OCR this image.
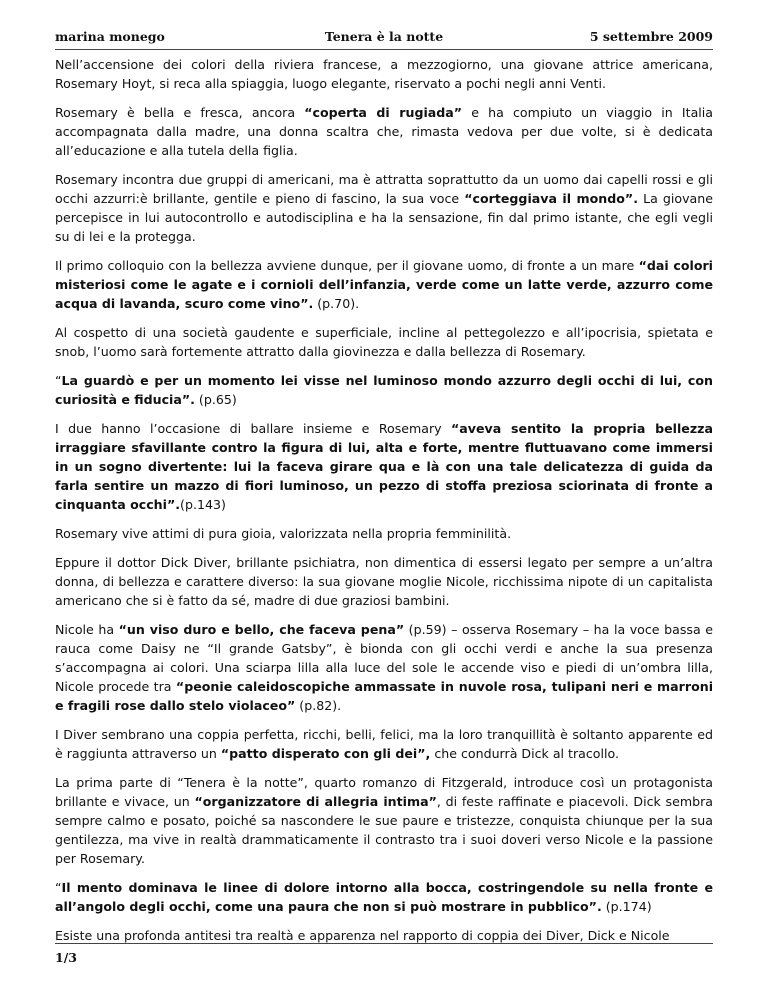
marina monego	Tenera è la notte	5 settembre 2009

Nell’accensione dei colori della riviera francese, a mezzogiorno, una giovane attrice americana, Rosemary Hoyt, si reca alla spiaggia, luogo elegante, riservato a pochi negli anni Venti.

Rosemary è bella e fresca, ancora “coperta di rugiada” e ha compiuto un viaggio in Italia accompagnata dalla madre, una donna scaltra che, rimasta vedova per due volte, si è dedicata all’educazione e alla tutela della figlia.

Rosemary incontra due gruppi di americani, ma è attratta soprattutto da un uomo dai capelli rossi e gli occhi azzurri:è brillante, gentile e pieno di fascino, la sua voce “corteggiava il mondo”. La giovane percepisce in lui autocontrollo e autodisciplina e ha la sensazione, fin dal primo istante, che egli vegli su di lei e la protegga.

Il primo colloquio con la bellezza avviene dunque, per il giovane uomo, di fronte a un mare “dai colori misteriosi come le agate e i corniolі dell’infanzia, verde come un latte verde, azzurro come acqua di lavanda, scuro come vino”. (p.70).

Al cospetto di una società gaudente e superficiale, incline al pettegolezzo e all’ipocrisia, spietata e snob, l’uomo sarà fortemente attratto dalla giovinezza e dalla bellezza di Rosemary.

“La guardò e per un momento lei visse nel luminoso mondo azzurro degli occhi di lui, con curiosità e fiducia”. (p.65)

I due hanno l’occasione di ballare insieme e Rosemary “aveva sentito la propria bellezza irraggiare sfavillante contro la figura di lui, alta e forte, mentre fluttuavano come immersi in un sogno divertente: lui la faceva girare qua e là con una tale delicatezza di guida da farla sentire un mazzo di fiori luminoso, un pezzo di stoffa preziosa sciorinata di fronte a cinquanta occhi”.(p.143)

Rosemary vive attimi di pura gioia, valorizzata nella propria femminilità.

Eppure il dottor Dick Diver, brillante psichiatra, non dimentica di essersi legato per sempre a un’altra donna, di bellezza e carattere diverso: la sua giovane moglie Nicole, ricchissima nipote di un capitalista americano che si è fatto da sé, madre di due graziosi bambini.

Nicole ha “un viso duro e bello, che faceva pena” (p.59) – osserva Rosemary – ha la voce bassa e rauca come Daisy ne “Il grande Gatsby”, è bionda con gli occhi verdi e anche la sua presenza s’accompagna ai colori. Una sciarpa lilla alla luce del sole le accende viso e piedi di un’ombra lilla, Nicole procede tra “peonie caleidoscopiche ammassate in nuvole rosa, tulipani neri e marroni e fragili rose dallo stelo violaceo” (p.82).

I Diver sembrano una coppia perfetta, ricchi, belli, felici, ma la loro tranquillità è soltanto apparente ed è raggiunta attraverso un “patto disperato con gli dei”, che condurrà Dick al tracollo.

La prima parte di “Tenera è la notte”, quarto romanzo di Fitzgerald, introduce così un protagonista brillante e vivace, un “organizzatore di allegria intima”, di feste raffinate e piacevoli. Dick sembra sempre calmo e posato, poiché sa nascondere le sue paure e tristezze, conquista chiunque per la sua gentilezza, ma vive in realtà drammaticamente il contrasto tra i suoi doveri verso Nicole e la passione per Rosemary.

“Il mento dominava le linee di dolore intorno alla bocca, costringendole su nella fronte e all’angolo degli occhi, come una paura che non si può mostrare in pubblico”. (p.174)

Esiste una profonda antitesi tra realtà e apparenza nel rapporto di coppia dei Diver, Dick e Nicole

1/3
